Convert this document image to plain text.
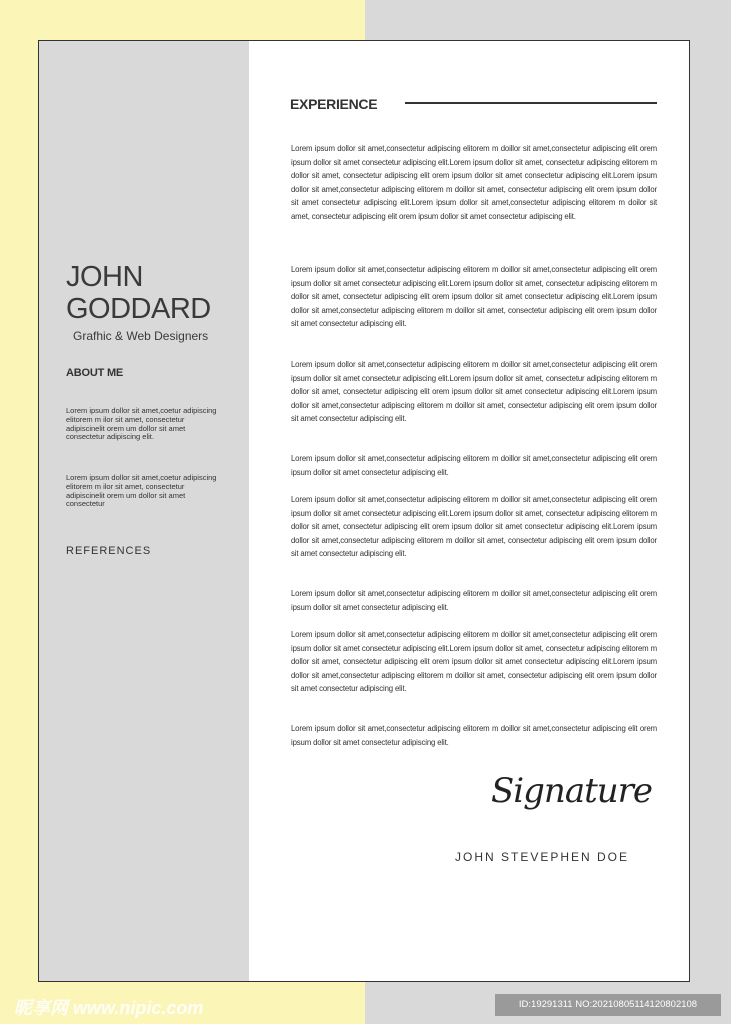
JOHN
GODDARD
Grafhic & Web Designers
ABOUT ME

Lorem ipsum dollor sit amet,coetur adipiscing elitorem m ilor sit amet, consectetur adipiscinelit orem um dollor sit amet consectetur adipiscing elit.

Lorem ipsum dollor sit amet,coetur adipiscing elitorem m ilor sit amet, consectetur adipiscinelit orem um dollor sit amet consectetur

REFERENCES
EXPERIENCE

Lorem ipsum dollor sit amet,consectetur adipiscing elitorem m doillor sit amet,consectetur adipiscing elit orem ipsum dollor sit amet consectetur adipiscing elit.Lorem ipsum dollor sit amet, consectetur adipiscing elitorem m dollor sit amet, consectetur adipiscing elit orem ipsum dollor sit amet consectetur adipiscing elit.Lorem ipsum dollor sit amet,consectetur adipiscing elitorem m doillor sit amet, consectetur adipiscing elit orem ipsum dollor sit amet consectetur adipiscing elit.Lorem ipsum dollor sit amet,consectetur adipiscing elitorem m doilor sit amet, consectetur adipiscing elit orem ipsum dollor sit amet consectetur adipiscing elit.

Lorem ipsum dollor sit amet,consectetur adipiscing elitorem m doillor sit amet,consectetur adipiscing elit orem ipsum dollor sit amet consectetur adipiscing elit.Lorem ipsum dollor sit amet, consectetur adipiscing elitorem m dollor sit amet, consectetur adipiscing elit orem ipsum dollor sit amet consectetur adipiscing elit.Lorem ipsum dollor sit amet,consectetur adipiscing elitorem m doillor sit amet, consectetur adipiscing elit orem ipsum dollor sit amet consectetur adipiscing elit.

Lorem ipsum dollor sit amet,consectetur adipiscing elitorem m doillor sit amet,consectetur adipiscing elit orem ipsum dollor sit amet consectetur adipiscing elit.Lorem ipsum dollor sit amet, consectetur adipiscing elitorem m dollor sit amet, consectetur adipiscing elit orem ipsum dollor sit amet consectetur adipiscing elit.Lorem ipsum dollor sit amet,consectetur adipiscing elitorem m doillor sit amet, consectetur adipiscing elit orem ipsum dollor sit amet consectetur adipiscing elit.

Lorem ipsum dollor sit amet,consectetur adipiscing elitorem m doillor sit amet,consectetur adipiscing elit orem ipsum dollor sit amet consectetur adipiscing elit.

Lorem ipsum dollor sit amet,consectetur adipiscing elitorem m doillor sit amet,consectetur adipiscing elit orem ipsum dollor sit amet consectetur adipiscing elit.Lorem ipsum dollor sit amet, consectetur adipiscing elitorem m dollor sit amet, consectetur adipiscing elit orem ipsum dollor sit amet consectetur adipiscing elit.Lorem ipsum dollor sit amet,consectetur adipiscing elitorem m doillor sit amet, consectetur adipiscing elit orem ipsum dollor sit amet consectetur adipiscing elit.

Lorem ipsum dollor sit amet,consectetur adipiscing elitorem m doillor sit amet,consectetur adipiscing elit orem ipsum dollor sit amet consectetur adipiscing elit.

Lorem ipsum dollor sit amet,consectetur adipiscing elitorem m doillor sit amet,consectetur adipiscing elit orem ipsum dollor sit amet consectetur adipiscing elit.Lorem ipsum dollor sit amet, consectetur adipiscing elitorem m dollor sit amet, consectetur adipiscing elit orem ipsum dollor sit amet consectetur adipiscing elit.Lorem ipsum dollor sit amet,consectetur adipiscing elitorem m doillor sit amet, consectetur adipiscing elit orem ipsum dollor sit amet consectetur adipiscing elit.

Lorem ipsum dollor sit amet,consectetur adipiscing elitorem m doillor sit amet,consectetur adipiscing elit orem ipsum dollor sit amet consectetur adipiscing elit.

Signature
JOHN STEVEPHEN DOE
昵享网 www.nipic.com	ID:19291311 NO:20210805114120802108
